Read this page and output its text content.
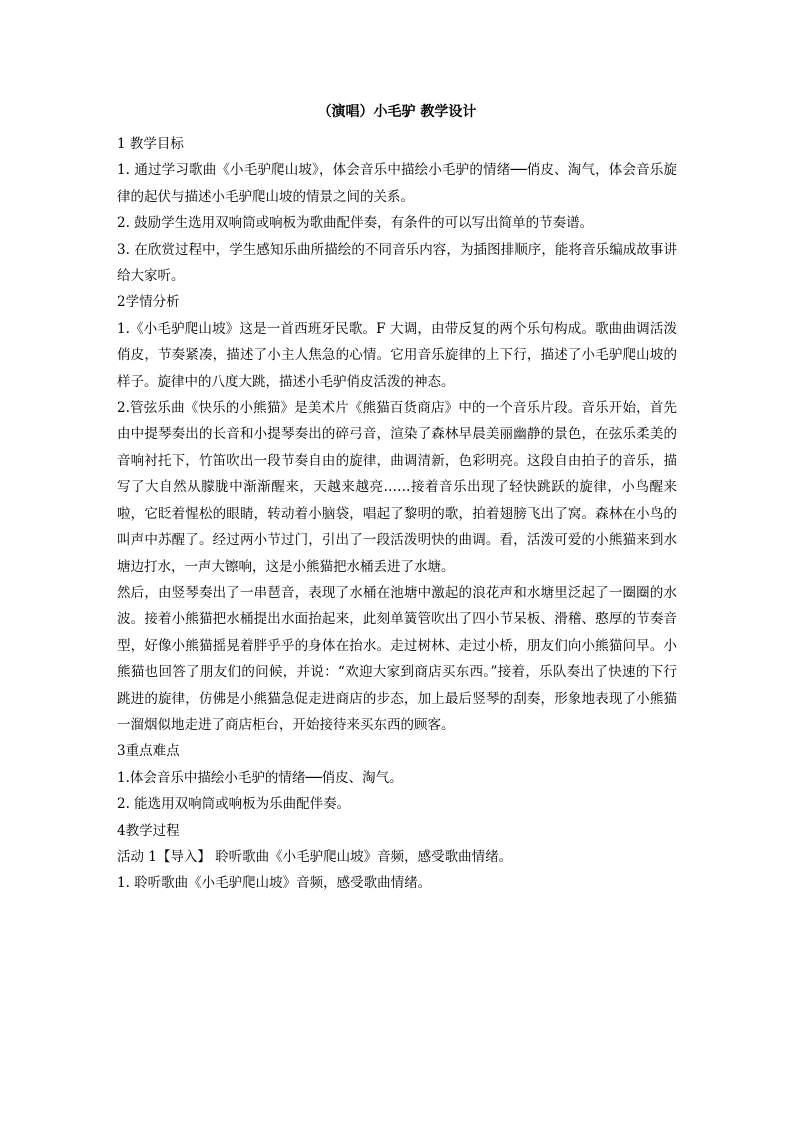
（演唱）小毛驴 教学设计

1 教学目标

1. 通过学习歌曲《小毛驴爬山坡》，体会音乐中描绘小毛驴的情绪──俏皮、淘气，体会音乐旋律的起伏与描述小毛驴爬山坡的情景之间的关系。

2. 鼓励学生选用双响筒或响板为歌曲配伴奏，有条件的可以写出简单的节奏谱。

3. 在欣赏过程中，学生感知乐曲所描绘的不同音乐内容，为插图排顺序，能将音乐编成故事讲给大家听。

2学情分析

1.《小毛驴爬山坡》这是一首西班牙民歌。F 大调，由带反复的两个乐句构成。歌曲曲调活泼俏皮，节奏紧凑，描述了小主人焦急的心情。它用音乐旋律的上下行，描述了小毛驴爬山坡的样子。旋律中的八度大跳，描述小毛驴俏皮活泼的神态。

2.管弦乐曲《快乐的小熊猫》是美术片《熊猫百货商店》中的一个音乐片段。音乐开始，首先由中提琴奏出的长音和小提琴奏出的碎弓音，渲染了森林早晨美丽幽静的景色，在弦乐柔美的音响衬托下，竹笛吹出一段节奏自由的旋律，曲调清新，色彩明亮。这段自由拍子的音乐，描写了大自然从朦胧中渐渐醒来，天越来越亮……接着音乐出现了轻快跳跃的旋律，小鸟醒来啦，它眨着惺松的眼睛，转动着小脑袋，唱起了黎明的歌，拍着翅膀飞出了窝。森林在小鸟的叫声中苏醒了。经过两小节过门，引出了一段活泼明快的曲调。看，活泼可爱的小熊猫来到水塘边打水，一声大镲响，这是小熊猫把水桶丢进了水塘。

然后，由竖琴奏出了一串琶音，表现了水桶在池塘中激起的浪花声和水塘里泛起了一圈圈的水波。接着小熊猫把水桶提出水面抬起来，此刻单簧管吹出了四小节呆板、滑稽、憨厚的节奏音型，好像小熊猫摇晃着胖乎乎的身体在抬水。走过树林、走过小桥，朋友们向小熊猫问早。小熊猫也回答了朋友们的问候，并说：“欢迎大家到商店买东西。”接着，乐队奏出了快速的下行跳进的旋律，仿佛是小熊猫急促走进商店的步态，加上最后竖琴的刮奏，形象地表现了小熊猫一溜烟似地走进了商店柜台，开始接待来买东西的顾客。

3重点难点

1.体会音乐中描绘小毛驴的情绪──俏皮、淘气。

2. 能选用双响筒或响板为乐曲配伴奏。

4教学过程

活动 1【导入】 聆听歌曲《小毛驴爬山坡》音频，感受歌曲情绪。

1. 聆听歌曲《小毛驴爬山坡》音频，感受歌曲情绪。
